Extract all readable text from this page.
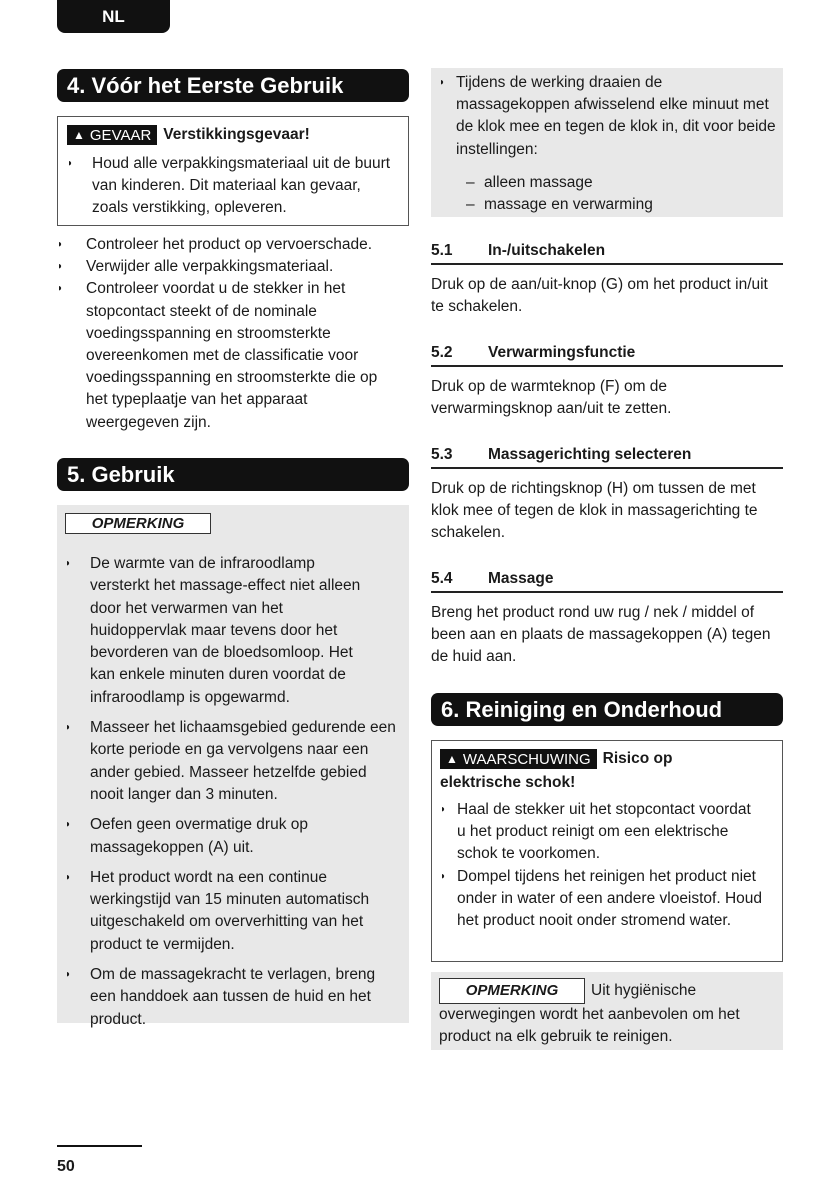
NL
4. Vóór het Eerste Gebruik
▲ GEVAAR Verstikkingsgevaar!
◗	Houd alle verpakkingsmateriaal uit de buurt van kinderen. Dit materiaal kan gevaar, zoals verstikking, opleveren.
◗	Controleer het product op vervoerschade.
◗	Verwijder alle verpakkingsmateriaal.
◗	Controleer voordat u de stekker in het stopcontact steekt of de nominale voedingsspanning en stroomsterkte overeenkomen met de classificatie voor voedingsspanning en stroomsterkte die op het typeplaatje van het apparaat weergegeven zijn.
5. Gebruik
OPMERKING
◗	De warmte van de infraroodlamp versterkt het massage-effect niet alleen door het verwarmen van het huidoppervlak maar tevens door het bevorderen van de bloedsomloop. Het kan enkele minuten duren voordat de infraroodlamp is opgewarmd.
◗	Masseer het lichaamsgebied gedurende een korte periode en ga vervolgens naar een ander gebied. Masseer hetzelfde gebied nooit langer dan 3 minuten.
◗	Oefen geen overmatige druk op massagekoppen (A) uit.
◗	Het product wordt na een continue werkingstijd van 15 minuten automatisch uitgeschakeld om oververhitting van het product te vermijden.
◗	Om de massagekracht te verlagen, breng een handdoek aan tussen de huid en het product.
◗ Tijdens de werking draaien de massagekoppen afwisselend elke minuut met de klok mee en tegen de klok in, dit voor beide instellingen:
– alleen massage
– massage en verwarming
5.1 In-/uitschakelen
Druk op de aan/uit-knop (G) om het product in/uit te schakelen.
5.2 Verwarmingsfunctie
Druk op de warmteknop (F) om de verwarmingsknop aan/uit te zetten.
5.3 Massagerichting selecteren
Druk op de richtingsknop (H) om tussen de met klok mee of tegen de klok in massagerichting te schakelen.
5.4 Massage
Breng het product rond uw rug / nek / middel of been aan en plaats de massagekoppen (A) tegen de huid aan.
6. Reiniging en Onderhoud
▲ WAARSCHUWING Risico op
elektrische schok!
◗ Haal de stekker uit het stopcontact voordat u het product reinigt om een elektrische schok te voorkomen.
◗ Dompel tijdens het reinigen het product niet onder in water of een andere vloeistof. Houd het product nooit onder stromend water.
OPMERKING Uit hygiënische overwegingen wordt het aanbevolen om het product na elk gebruik te reinigen.
50
